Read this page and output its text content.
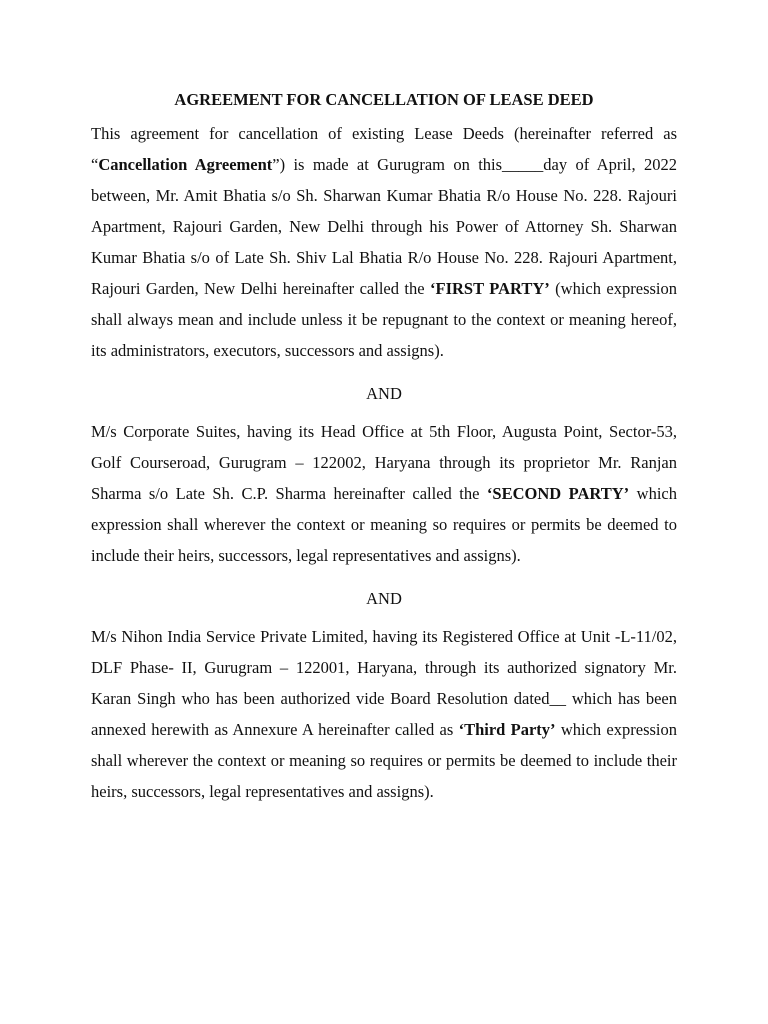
AGREEMENT FOR CANCELLATION OF LEASE DEED

This agreement for cancellation of existing Lease Deeds (hereinafter referred as “Cancellation Agreement”) is made at Gurugram on this_____day of April, 2022 between, Mr. Amit Bhatia s/o Sh. Sharwan Kumar Bhatia R/o House No. 228. Rajouri Apartment, Rajouri Garden, New Delhi through his Power of Attorney Sh. Sharwan Kumar Bhatia s/o of Late Sh. Shiv Lal Bhatia R/o House No. 228. Rajouri Apartment, Rajouri Garden, New Delhi hereinafter called the ‘FIRST PARTY’ (which expression shall always mean and include unless it be repugnant to the context or meaning hereof, its administrators, executors, successors and assigns).

AND

M/s Corporate Suites, having its Head Office at 5th Floor, Augusta Point, Sector-53, Golf Courseroad, Gurugram – 122002, Haryana through its proprietor Mr. Ranjan Sharma s/o Late Sh. C.P. Sharma hereinafter called the ‘SECOND PARTY’ which expression shall wherever the context or meaning so requires or permits be deemed to include their heirs, successors, legal representatives and assigns).

AND

M/s Nihon India Service Private Limited, having its Registered Office at Unit -L-11/02, DLF Phase- II, Gurugram – 122001, Haryana, through its authorized signatory Mr. Karan Singh who has been authorized vide Board Resolution dated__ which has been annexed herewith as Annexure A hereinafter called as ‘Third Party’ which expression shall wherever the context or meaning so requires or permits be deemed to include their heirs, successors, legal representatives and assigns).
